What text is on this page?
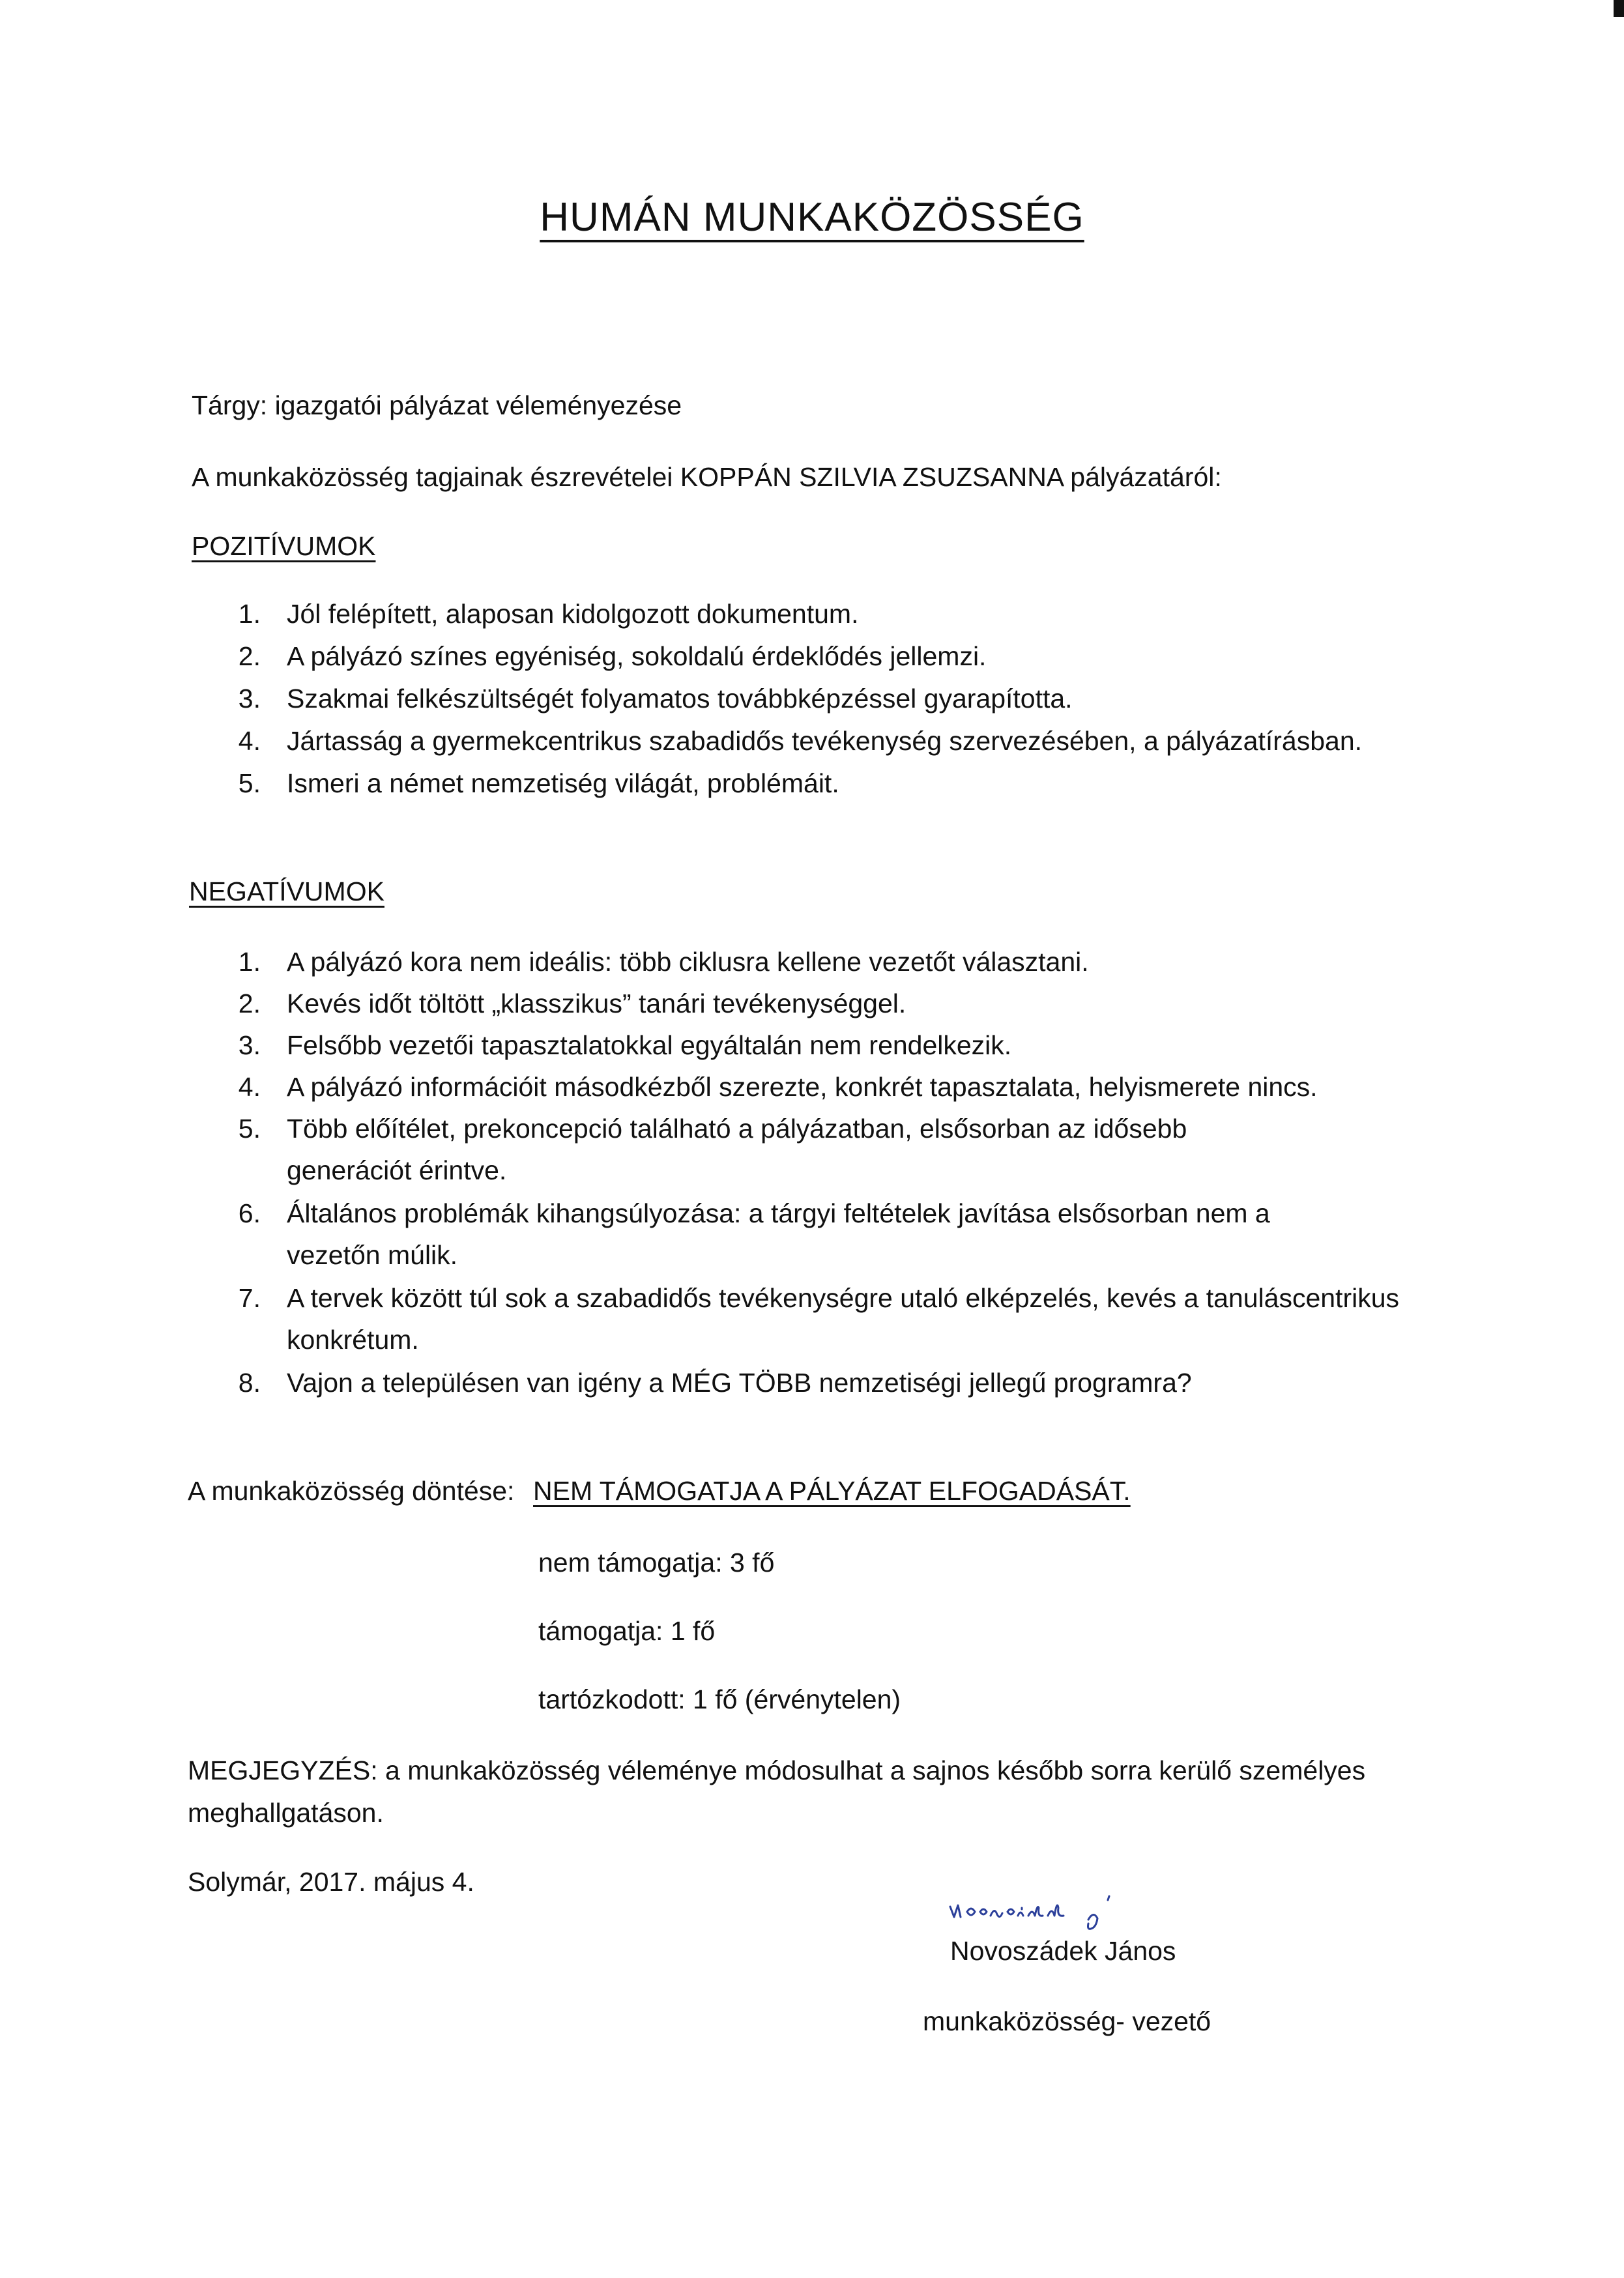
HUMÁN MUNKAKÖZÖSSÉG
Tárgy: igazgatói pályázat véleményezése
A munkaközösség tagjainak észrevételei KOPPÁN SZILVIA ZSUZSANNA pályázatáról:
POZITÍVUMOK
1. Jól felépített, alaposan kidolgozott dokumentum.
2. A pályázó színes egyéniség, sokoldalú érdeklődés jellemzi.
3. Szakmai felkészültségét folyamatos továbbképzéssel gyarapította.
4. Jártasság a gyermekcentrikus szabadidős tevékenység szervezésében, a pályázatírásban.
5. Ismeri a német nemzetiség világát, problémáit.
NEGATÍVUMOK
1. A pályázó kora nem ideális: több ciklusra kellene vezetőt választani.
2. Kevés időt töltött „klasszikus” tanári tevékenységgel.
3. Felsőbb vezetői tapasztalatokkal egyáltalán nem rendelkezik.
4. A pályázó információit másodkézből szerezte, konkrét tapasztalata, helyismerete nincs.
5. Több előítélet, prekoncepció található a pályázatban, elsősorban az idősebb generációt érintve.
6. Általános problémák kihangsúlyozása: a tárgyi feltételek javítása elsősorban nem a vezetőn múlik.
7. A tervek között túl sok a szabadidős tevékenységre utaló elképzelés, kevés a tanuláscentrikus konkrétum.
8. Vajon a településen van igény a MÉG TÖBB nemzetiségi jellegű programra?
A munkaközösség döntése: NEM TÁMOGATJA A PÁLYÁZAT ELFOGADÁSÁT.
nem támogatja: 3 fő
támogatja: 1 fő
tartózkodott: 1 fő (érvénytelen)
MEGJEGYZÉS: a munkaközösség véleménye módosulhat a sajnos később sorra kerülő személyes
meghallgatáson.
Solymár, 2017. május 4.
Novoszádek János
munkaközösség- vezető
